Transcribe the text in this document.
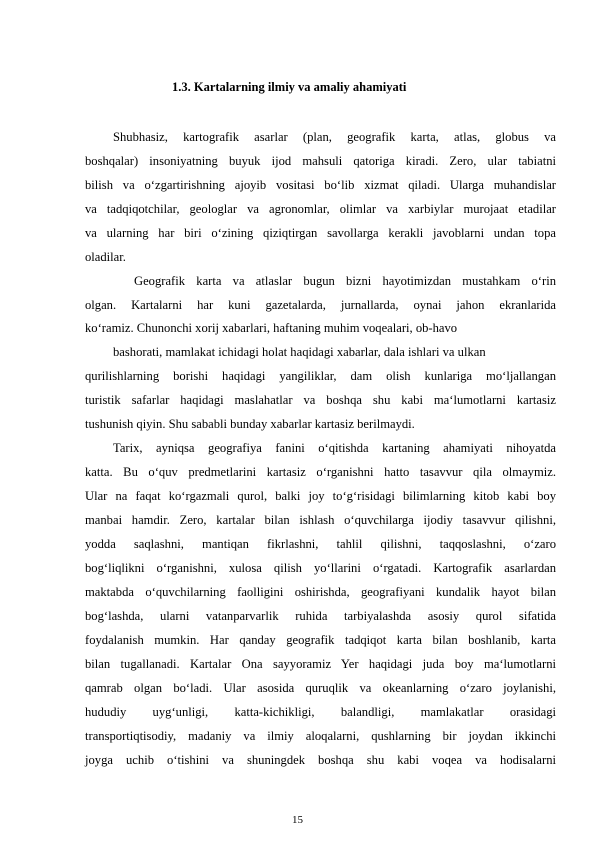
1.3. Kartalarning ilmiy va amaliy ahamiyati
Shubhasiz, kartografik asarlar (plan, geografik karta, atlas, globus va
boshqalar) insoniyatning buyuk ijod mahsuli qatoriga kiradi. Zero, ular tabiatni
bilish va o‘zgartirishning ajoyib vositasi bo‘lib xizmat qiladi. Ularga muhandislar
va tadqiqotchilar, geologlar va agronomlar, olimlar va xarbiylar murojaat etadilar
va ularning har biri o‘zining qiziqtirgan savollarga kerakli javoblarni undan topa
oladilar.
Geografik karta va atlaslar bugun bizni hayotimizdan mustahkam o‘rin
olgan. Kartalarni har kuni gazetalarda, jurnallarda, oynai jahon ekranlarida
ko‘ramiz. Chunonchi xorij xabarlari, haftaning muhim voqealari, ob-havo
bashorati, mamlakat ichidagi holat haqidagi xabarlar, dala ishlari va ulkan
qurilishlarning borishi haqidagi yangiliklar, dam olish kunlariga mo‘ljallangan
turistik safarlar haqidagi maslahatlar va boshqa shu kabi ma‘lumotlarni kartasiz
tushunish qiyin. Shu sababli bunday xabarlar kartasiz berilmaydi.
Tarix, ayniqsa geografiya fanini o‘qitishda kartaning ahamiyati nihoyatda
katta. Bu o‘quv predmetlarini kartasiz o‘rganishni hatto tasavvur qila olmaymiz.
Ular na faqat ko‘rgazmali qurol, balki joy to‘g‘risidagi bilimlarning kitob kabi boy
manbai hamdir. Zero, kartalar bilan ishlash o‘quvchilarga ijodiy tasavvur qilishni,
yodda saqlashni, mantiqan fikrlashni, tahlil qilishni, taqqoslashni, o‘zaro
bog‘liqlikni o‘rganishni, xulosa qilish yo‘llarini o‘rgatadi. Kartografik asarlardan
maktabda o‘quvchilarning faolligini oshirishda, geografiyani kundalik hayot bilan
bog‘lashda, ularni vatanparvarlik ruhida tarbiyalashda asosiy qurol sifatida
foydalanish mumkin. Har qanday geografik tadqiqot karta bilan boshlanib, karta
bilan tugallanadi. Kartalar Ona sayyoramiz Yer haqidagi juda boy ma‘lumotlarni
qamrab olgan bo‘ladi. Ular asosida quruqlik va okeanlarning o‘zaro joylanishi,
hududiy uyg‘unligi, katta-kichikligi, balandligi, mamlakatlar orasidagi
transportiqtisodiy, madaniy va ilmiy aloqalarni, qushlarning bir joydan ikkinchi
joyga uchib o‘tishini va shuningdek boshqa shu kabi voqea va hodisalarni
15
